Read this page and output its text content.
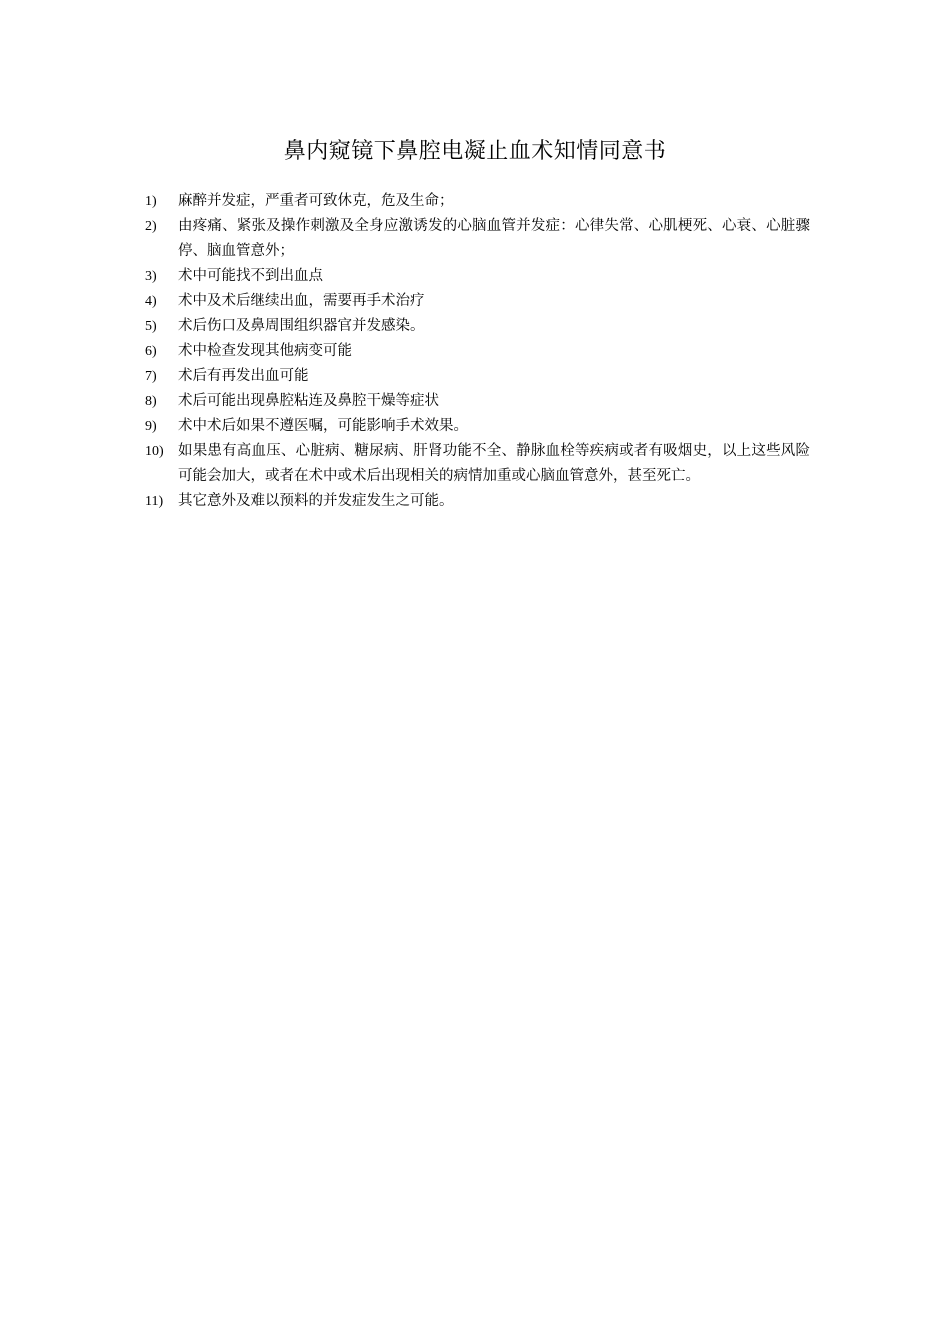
鼻内窥镜下鼻腔电凝止血术知情同意书
1)	麻醉并发症，严重者可致休克，危及生命；
2)	由疼痛、紧张及操作刺激及全身应激诱发的心脑血管并发症：心律失常、心肌梗死、心衰、心脏骤停、脑血管意外；
3)	术中可能找不到出血点
4)	术中及术后继续出血，需要再手术治疗
5)	术后伤口及鼻周围组织器官并发感染。
6)	术中检查发现其他病变可能
7)	术后有再发出血可能
8)	术后可能出现鼻腔粘连及鼻腔干燥等症状
9)	术中术后如果不遵医嘱，可能影响手术效果。
10) 如果患有高血压、心脏病、糖尿病、肝肾功能不全、静脉血栓等疾病或者有吸烟史，以上这些风险可能会加大，或者在术中或术后出现相关的病情加重或心脑血管意外，甚至死亡。
11)	其它意外及难以预料的并发症发生之可能。
